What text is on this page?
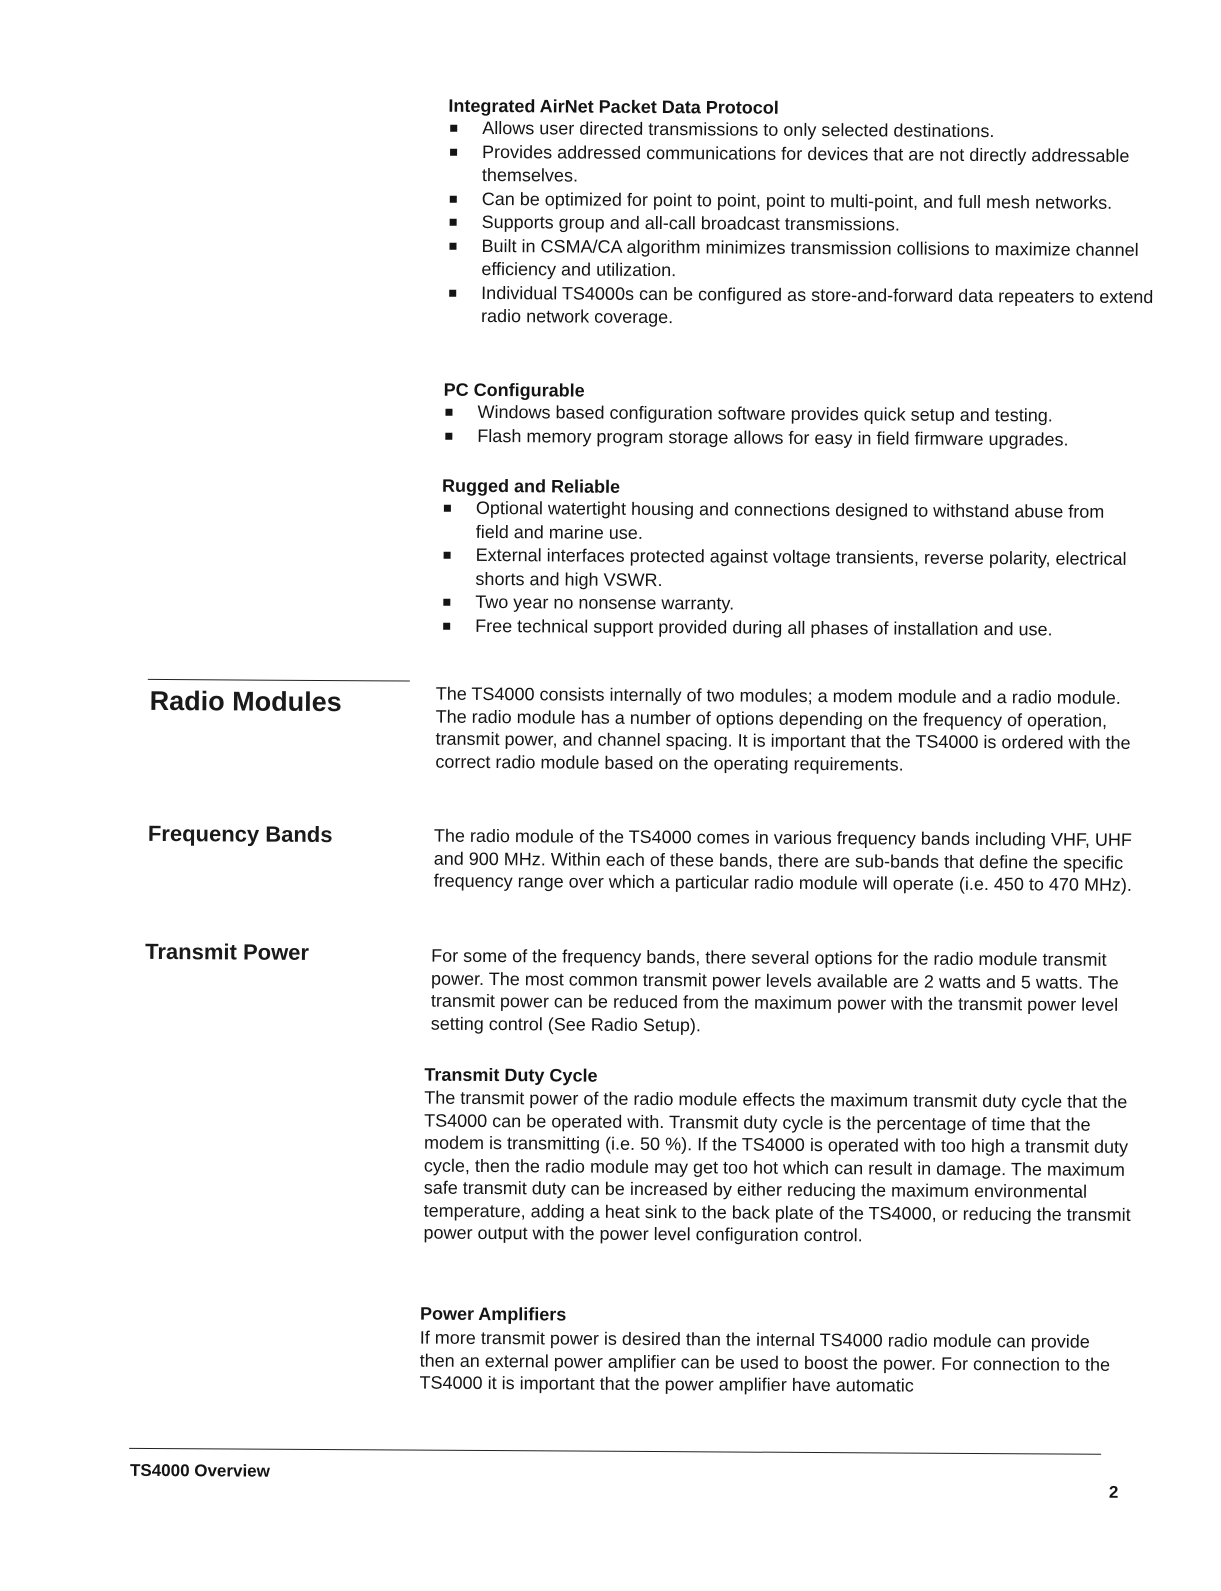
Integrated AirNet Packet Data Protocol
Allows user directed transmissions to only selected destinations.
Provides addressed communications for devices that are not directly addressable themselves.
Can be optimized for point to point, point to multi-point, and full mesh networks.
Supports group and all-call broadcast transmissions.
Built in CSMA/CA algorithm minimizes transmission collisions to maximize channel efficiency and utilization.
Individual TS4000s can be configured as store-and-forward data repeaters to extend radio network coverage.
PC Configurable
Windows based configuration software provides quick setup and testing.
Flash memory program storage allows for easy in field firmware upgrades.
Rugged and Reliable
Optional watertight housing and connections designed to withstand abuse from field and marine use.
External interfaces protected against voltage transients, reverse polarity, electrical shorts and high VSWR.
Two year no nonsense warranty.
Free technical support provided during all phases of installation and use.
Radio Modules	The TS4000 consists internally of two modules; a modem module and a radio module. The radio module has a number of options depending on the frequency of operation, transmit power, and channel spacing. It is important that the TS4000 is ordered with the correct radio module based on the operating requirements.

Frequency Bands	The radio module of the TS4000 comes in various frequency bands including VHF, UHF and 900 MHz. Within each of these bands, there are sub-bands that define the specific frequency range over which a particular radio module will operate (i.e. 450 to 470 MHz).

Transmit Power	For some of the frequency bands, there several options for the radio module transmit power. The most common transmit power levels available are 2 watts and 5 watts. The transmit power can be reduced from the maximum power with the transmit power level setting control (See Radio Setup).

Transmit Duty Cycle

The transmit power of the radio module effects the maximum transmit duty cycle that the TS4000 can be operated with. Transmit duty cycle is the percentage of time that the modem is transmitting (i.e. 50 %). If the TS4000 is operated with too high a transmit duty cycle, then the radio module may get too hot which can result in damage. The maximum safe transmit duty can be increased by either reducing the maximum environmental temperature, adding a heat sink to the back plate of the TS4000, or reducing the transmit power output with the power level configuration control.

Power Amplifiers

If more transmit power is desired than the internal TS4000 radio module can provide then an external power amplifier can be used to boost the power. For connection to the TS4000 it is important that the power amplifier have automatic

TS4000 Overview
2
